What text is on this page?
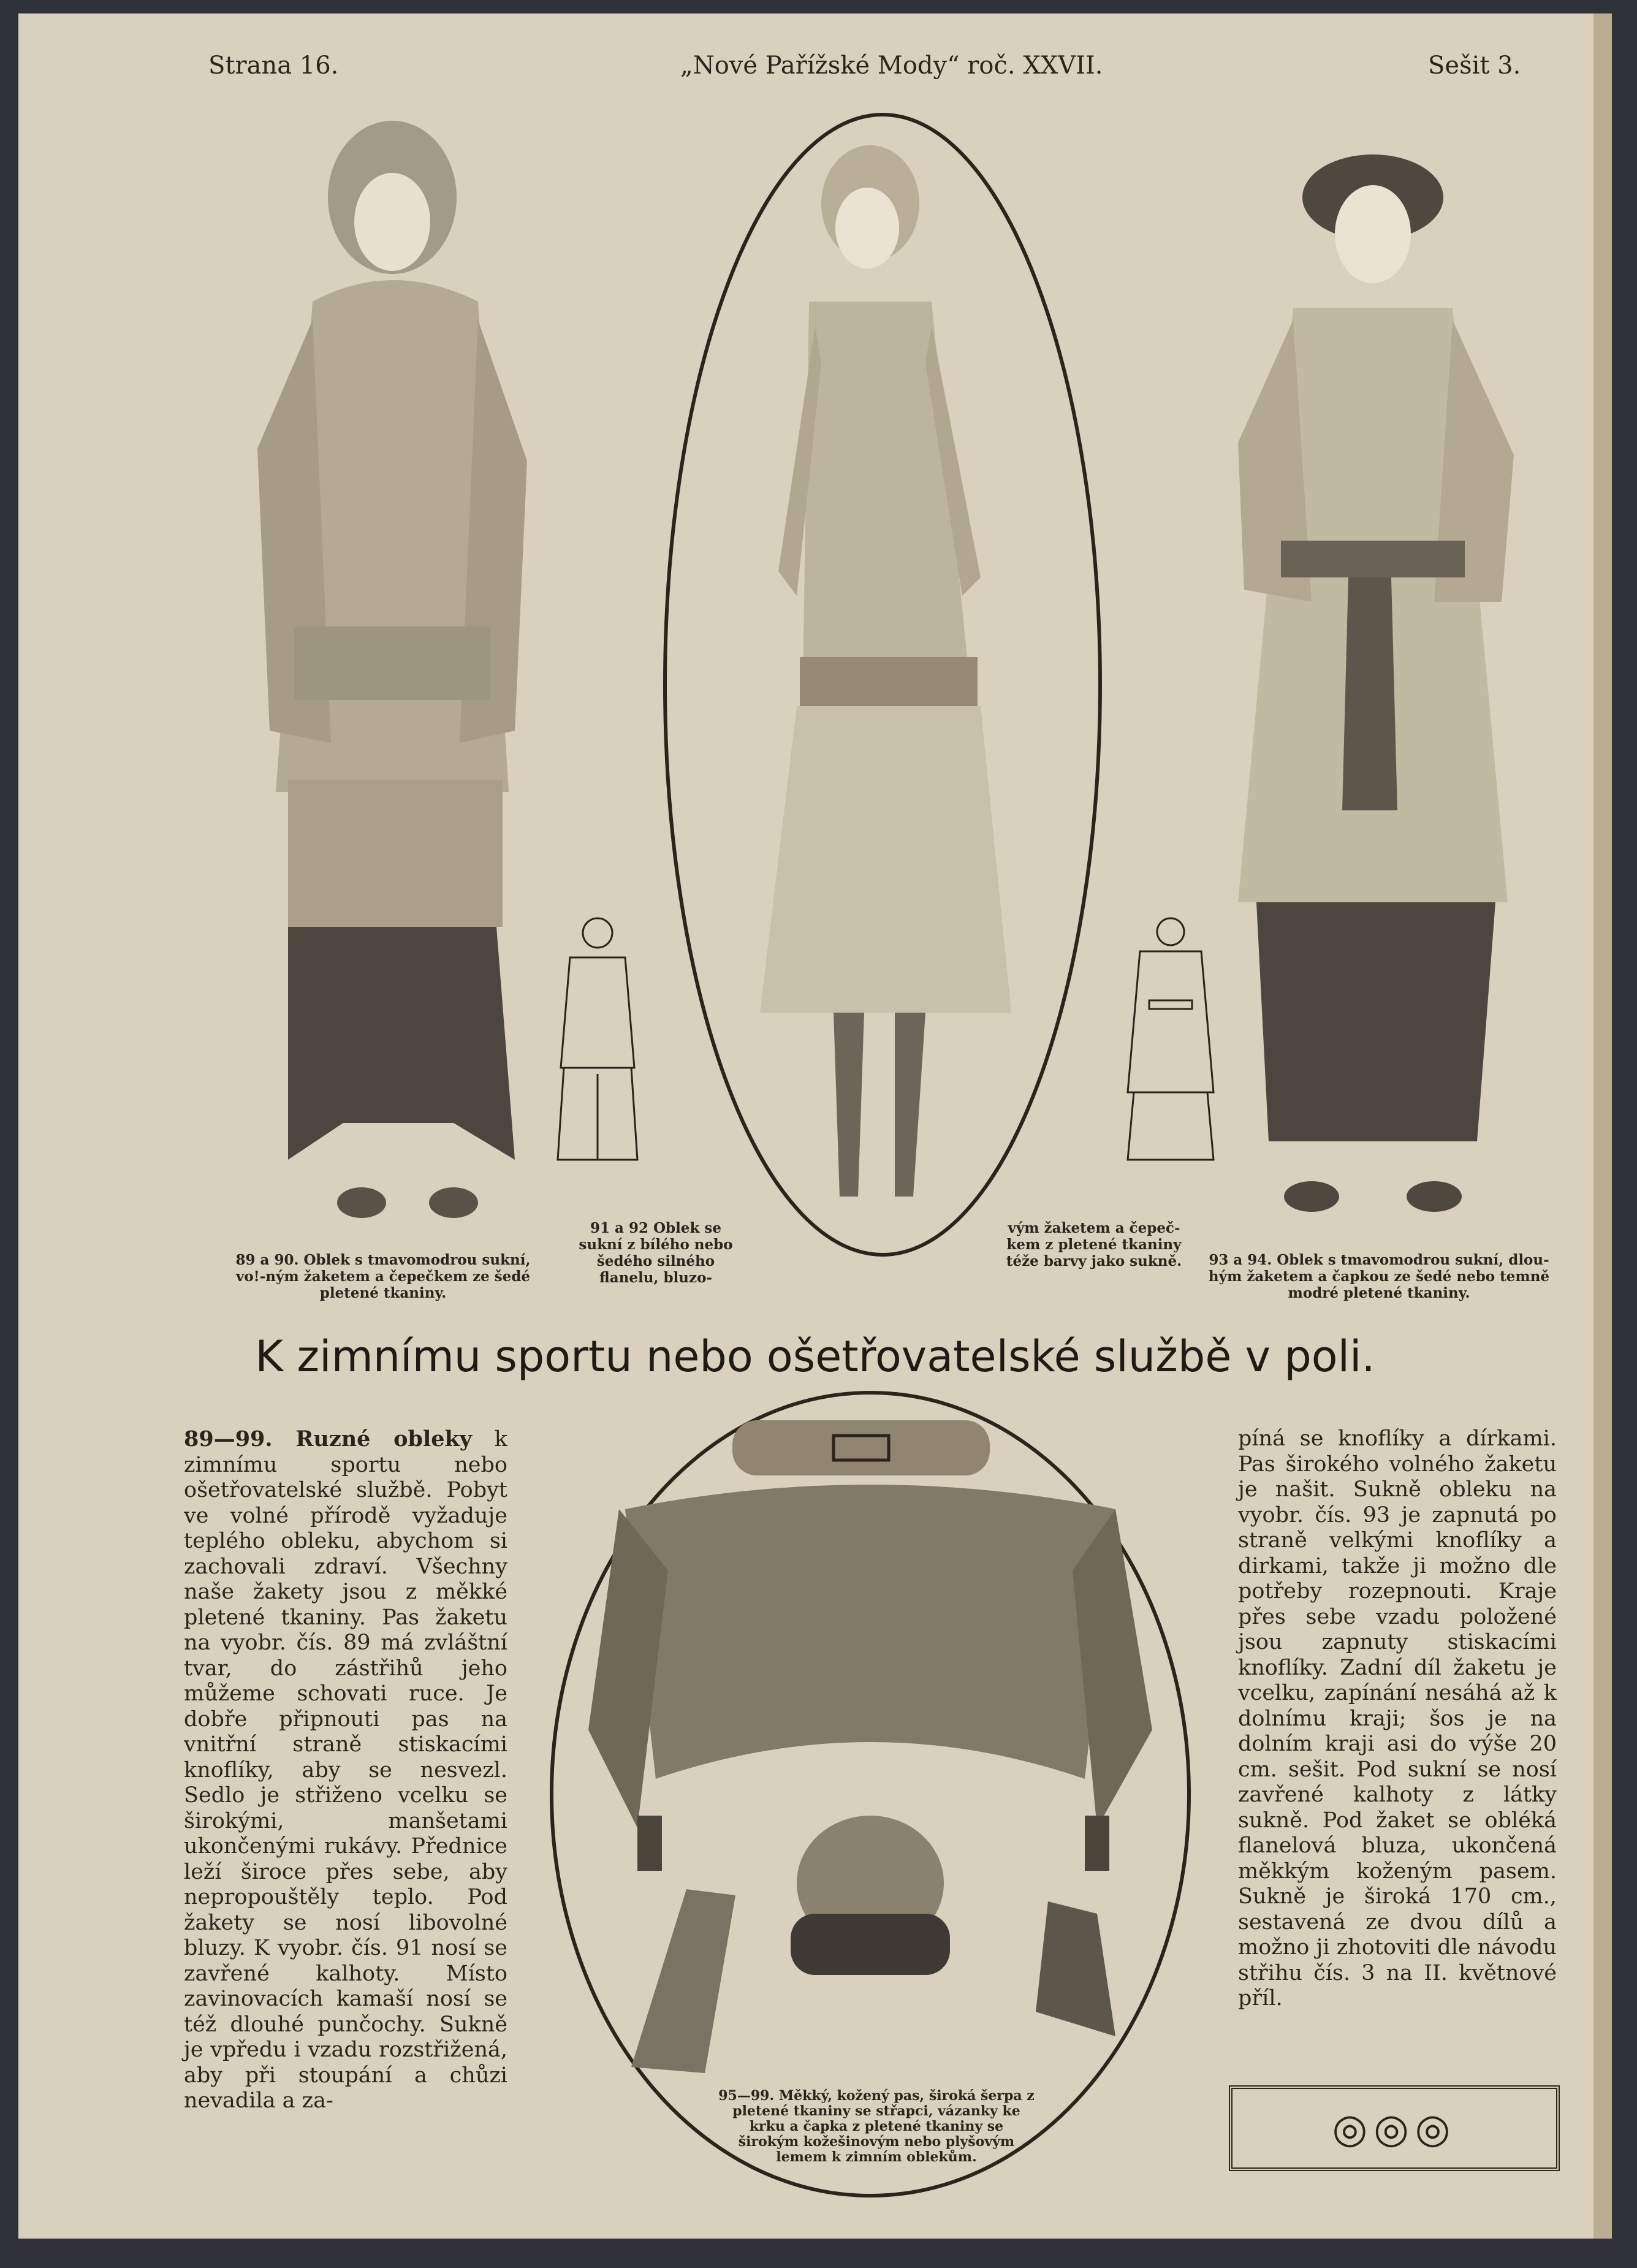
Strana 16.	„Nové Pařížské Mody“ roč. XXVII.	Sešit 3.
89 a 90. Oblek s tmavomodrou sukní, vo!-ným žaketem a čepečkem ze šedé pletené tkaniny.
91 a 92 Oblek se sukní z bílého nebo šedého silného flanelu, bluzo-
vým žaketem a čepeč-kem z pletené tkaniny téže barvy jako sukně.	93 a 94. Oblek s tmavomodrou sukní, dlou-hým žaketem a čapkou ze šedé nebo temně modré pletené tkaniny.
K zimnímu sportu nebo ošetřovatelské službě v poli.

89—99. Ruzné obleky k zimnímu sportu nebo ošetřovatelské službě. Pobyt ve volné přírodě vyžaduje teplého obleku, abychom si zachovali zdraví. Všechny naše žakety jsou z měkké pletené tkaniny. Pas žaketu na vyobr. čís. 89 má zvláštní tvar, do zástřihů jeho můžeme schovati ruce. Je dobře připnouti pas na vnitřní straně stiskacími knoflíky, aby se nesvezl. Sedlo je střiženo vcelku se širokými, manšetami ukončenými rukávy. Přednice leží široce přes sebe, aby nepropouštěly teplo. Pod žakety se nosí libovolné bluzy. K vyobr. čís. 91 nosí se zavřené kalhoty. Místo zavinovacích kamaší nosí se též dlouhé punčochy. Sukně je vpředu i vzadu rozstřižená, aby při stoupání a chůzi nevadila a za-	95—99. Měkký, kožený pas, široká šerpa z pletené tkaniny se střapci, vázanky ke krku a čapka z pletené tkaniny se širokým kožešinovým nebo plyšovým lemem k zimním oblekům.

píná se knoflíky a dírkami. Pas širokého volného žaketu je našit. Sukně obleku na vyobr. čís. 93 je zapnutá po straně velkými knoflíky a dirkami, takže ji možno dle potřeby rozepnouti. Kraje přes sebe vzadu položené jsou zapnuty stiskacími knoflíky. Zadní díl žaketu je vcelku, zapínání nesáhá až k dolnímu kraji; šos je na dolním kraji asi do výše 20 cm. sešit. Pod sukní se nosí zavřené kalhoty z látky sukně. Pod žaket se obléká flanelová bluza, ukončená měkkým koženým pasem. Sukně je široká 170 cm., sestavená ze dvou dílů a možno ji zhotoviti dle návodu střihu čís. 3 na II. květnové příl.

◎◎◎
